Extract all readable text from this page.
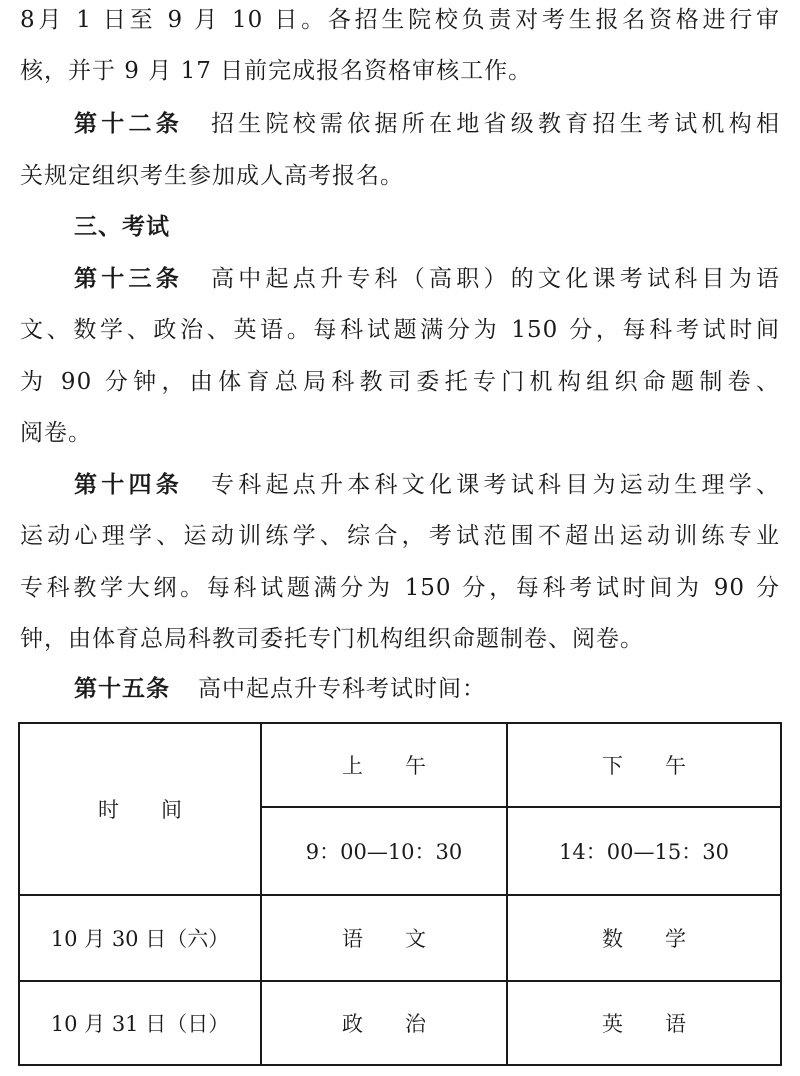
8月 1 日至 9 月 10 日。各招生院校负责对考生报名资格进行审
核，并于 9 月 17 日前完成报名资格审核工作。
第十二条 招生院校需依据所在地省级教育招生考试机构相
关规定组织考生参加成人高考报名。
三、考试
第十三条 高中起点升专科（高职）的文化课考试科目为语
文、数学、政治、英语。每科试题满分为 150 分，每科考试时间
为 90 分钟，由体育总局科教司委托专门机构组织命题制卷、
阅卷。
第十四条 专科起点升本科文化课考试科目为运动生理学、
运动心理学、运动训练学、综合，考试范围不超出运动训练专业
专科教学大纲。每科试题满分为 150 分，每科考试时间为 90 分
钟，由体育总局科教司委托专门机构组织命题制卷、阅卷。
第十五条 高中起点升专科考试时间：
时　　间	上　　午	下　　午
	9：00—10：30	14：00—15：30
10 月 30 日（六）	语　　文	数　　学
10 月 31 日（日）	政　　治	英　　语
